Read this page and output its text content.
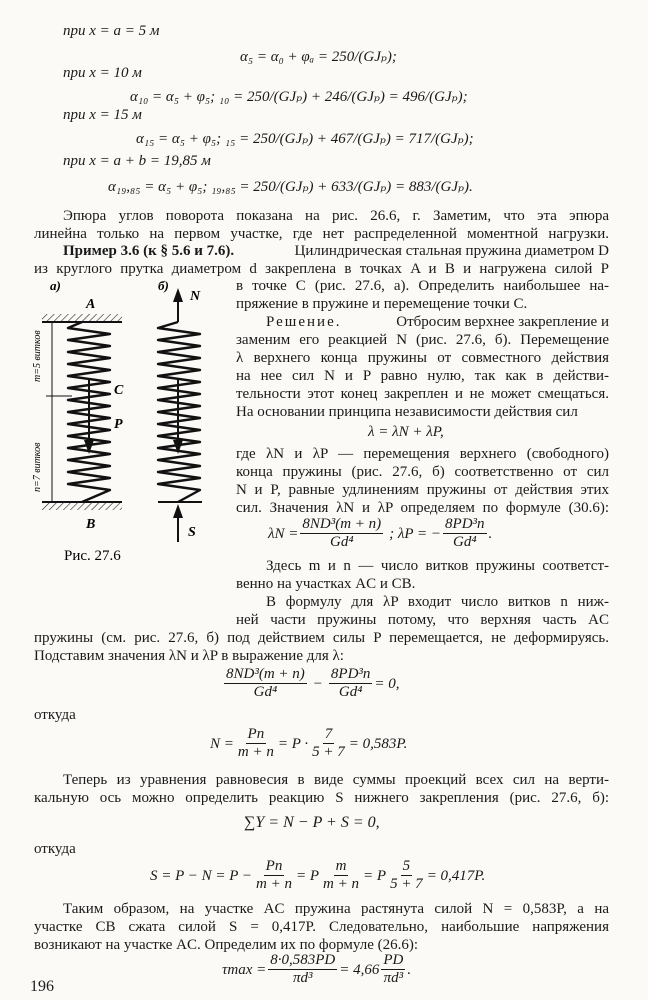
при x = a = 5 м
α₅ = α₀ + φₐ = 250/(GJₚ);
при x = 10 м
α₁₀ = α₅ + φ₅; ₁₀ = 250/(GJₚ) + 246/(GJₚ) = 496/(GJₚ);
при x = 15 м
α₁₅ = α₅ + φ₅; ₁₅ = 250/(GJₚ) + 467/(GJₚ) = 717/(GJₚ);
при x = a + b = 19,85 м
α₁₉,₈₅ = α₅ + φ₅; ₁₉,₈₅ = 250/(GJₚ) + 633/(GJₚ) = 883/(GJₚ).
Эпюра углов поворота показана на рис. 26.6, г. Заметим, что эта эпюра
линейна только на первом участке, где нет распределенной моментной нагрузки.
Пример 3.6 (к § 5.6 и 7.6).	Цилиндрическая стальная пружина диаметром D
из круглого прутка диаметром d закреплена в точках A и B и нагружена силой P
в точке C (рис. 27.6, а). Определить наибольшее на-
пряжение в пружине и перемещение точки C.
Решение.	Отбросим верхнее закрепление и
заменим его реакцией N (рис. 27.6, б). Перемещение
λ верхнего конца пружины от совместного действия
на нее сил N и P равно нулю, так как в действи-
тельности этот конец закреплен и не может смещаться.
На основании принципа независимости действия сил
λ = λN + λP,
где λN и λP — перемещения верхнего (свободного)
конца пружины (рис. 27.6, б) соответственно от сил
N и P, равные удлинениям пружины от действия этих
сил. Значения λN и λP определяем по формуле (30.6):
$\lambda N = \frac{\text{8ND³(m + n)}}{\text{Gd⁴}}$ ; λP = − $\frac{\text{8PD³n}}{\text{Gd⁴}}$ .
Здесь m и n — число витков пружины соответст-
венно на участках AC и CB.
В формулу для λP входит число витков n ниж-
ней части пружины потому, что верхняя часть AC
пружины (см. рис. 27.6, б) под действием силы P перемещается, не деформируясь.
Подставим значения λN и λP в выражение для λ:
$\frac{\text{8ND³(m + n)}}{\text{Gd⁴}} - \frac{\text{8PD³n}}{\text{Gd⁴}} = 0$,
откуда
$N = \frac{Pn}{m + n} = P \cdot \frac{7}{5 + 7} = 0,583P$.
Теперь из уравнения равновесия в виде суммы проекций всех сил на верти-
кальную ось можно определить реакцию S нижнего закрепления (рис. 27.6, б):
∑Y = N − P + S = 0,
откуда
$S = P - N = P - \frac{Pn}{m + n} = P \frac{m}{m + n} = P \frac{5}{5 + 7} = 0,417P$.
Таким образом, на участке AC пружина растянута силой N = 0,583P, а на
участке CB сжата силой S = 0,417P. Следовательно, наибольшие напряжения
возникают на участке AC. Определим их по формуле (26.6):
$\tau\max = \frac{8\cdot 0,583PD}{\text{πd³}} = 4,66 \frac{PD}{\text{πd³}}$ .
196
а)	б)
A
B
m=5 витков
n=7 витков
C
P
N
S
Рис. 27.6
